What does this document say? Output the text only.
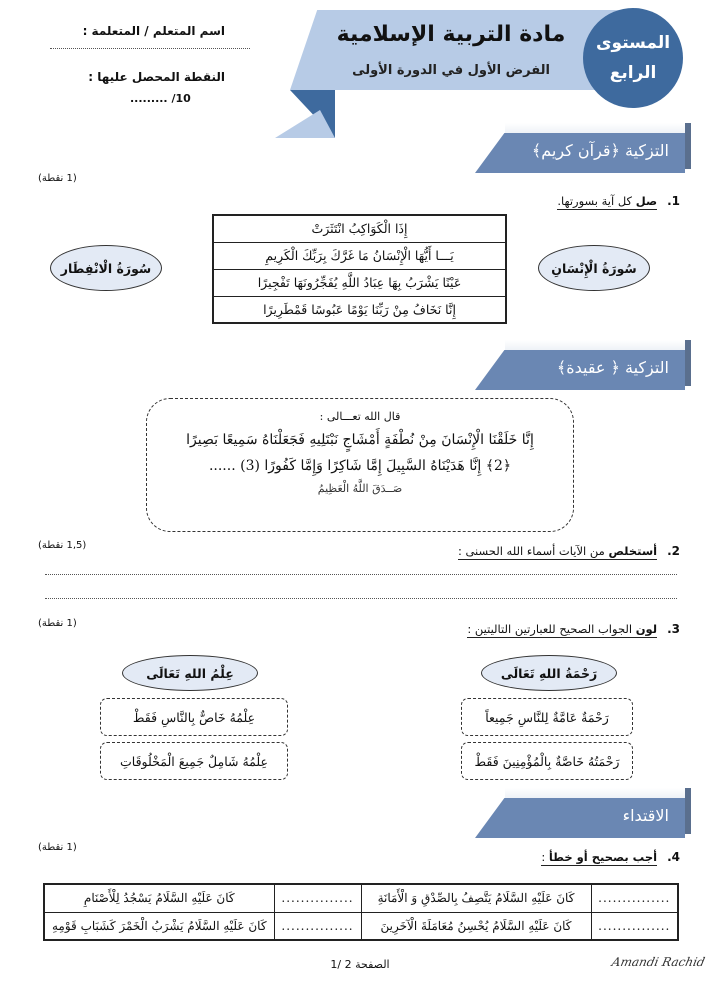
اسم المتعلم / المتعلمة :
النقطة المحصل عليها :
......... /10
مادة التربية الإسلامية
الفرض الأول في الدورة الأولى
المستوى
الرابع
التزكية ﴿قرآن كريم﴾
(1 نقطة)
1.
صل كل آية بسورتها.
إِذَا الْكَوَاكِبُ انْتَثَرَتْ
يَـــا أَيُّهَا الْإِنْسَانُ مَا غَرَّكَ بِرَبِّكَ الْكَرِيمِ
عَيْنًا يَشْرَبُ بِهَا عِبَادُ اللَّهِ يُفَجِّرُونَهَا تَفْجِيرًا
إِنَّا نَخَافُ مِنْ رَبِّنَا يَوْمًا عَبُوسًا قَمْطَرِيرًا
سُورَةُ الْانْفِطَار	سُورَةُ الْإِنْسَانِ
التزكية ﴿ عقيدة﴾
قال الله تعـــالى :
إِنَّا خَلَقْنَا الْإِنْسَانَ مِنْ نُطْفَةٍ أَمْشَاجٍ نَبْتَلِيهِ فَجَعَلْنَاهُ سَمِيعًا بَصِيرًا
﴿2﴾ إِنَّا هَدَيْنَاهُ السَّبِيلَ إِمَّا شَاكِرًا وَإِمَّا كَفُورًا (3) ......
صَــدَقَ اللَّهُ الْعَظِيمُ
(1,5 نقطة)	2.
أستخلص من الآيات أسماء الله الحسنى :
(1 نقطة)	3.
لون الجواب الصحيح للعبارتين التاليتين :
رَحْمَةُ اللهِ تَعَالَى
رَحْمَةٌ عَامَّةٌ لِلنَّاسِ جَمِيعاً
رَحْمَتُهُ خَاصَّةٌ بِالْمُؤْمِنِينَ فَقَطْ
عِلْمُ اللهِ تَعَالَى
عِلْمُهُ خَاصٌّ بِالنَّاسِ فَقَطْ
عِلْمُهُ شَامِلٌ جَمِيعَ الْمَخْلُوقَاتِ
الاقتداء
(1 نقطة)
4.
أجب بصحيح أو خطأ :
كَانَ عَلَيْهِ السَّلَامُ يَسْجُدُ لِلْأَصْنَامِ	...............	كَانَ عَلَيْهِ السَّلَامُ يَتَّصِفُ بِالصِّدْقِ وَ الْأَمَانَةِ	...............
كَانَ عَلَيْهِ السَّلَامُ يَشْرَبُ الْخَمْرَ كَشَبَابِ قَوْمِهِ	...............	كَانَ عَلَيْهِ السَّلَامُ يُحْسِنُ مُعَامَلَةَ الْآخَرِينَ	...............
الصفحة 2 /1	Amandi Rachid
